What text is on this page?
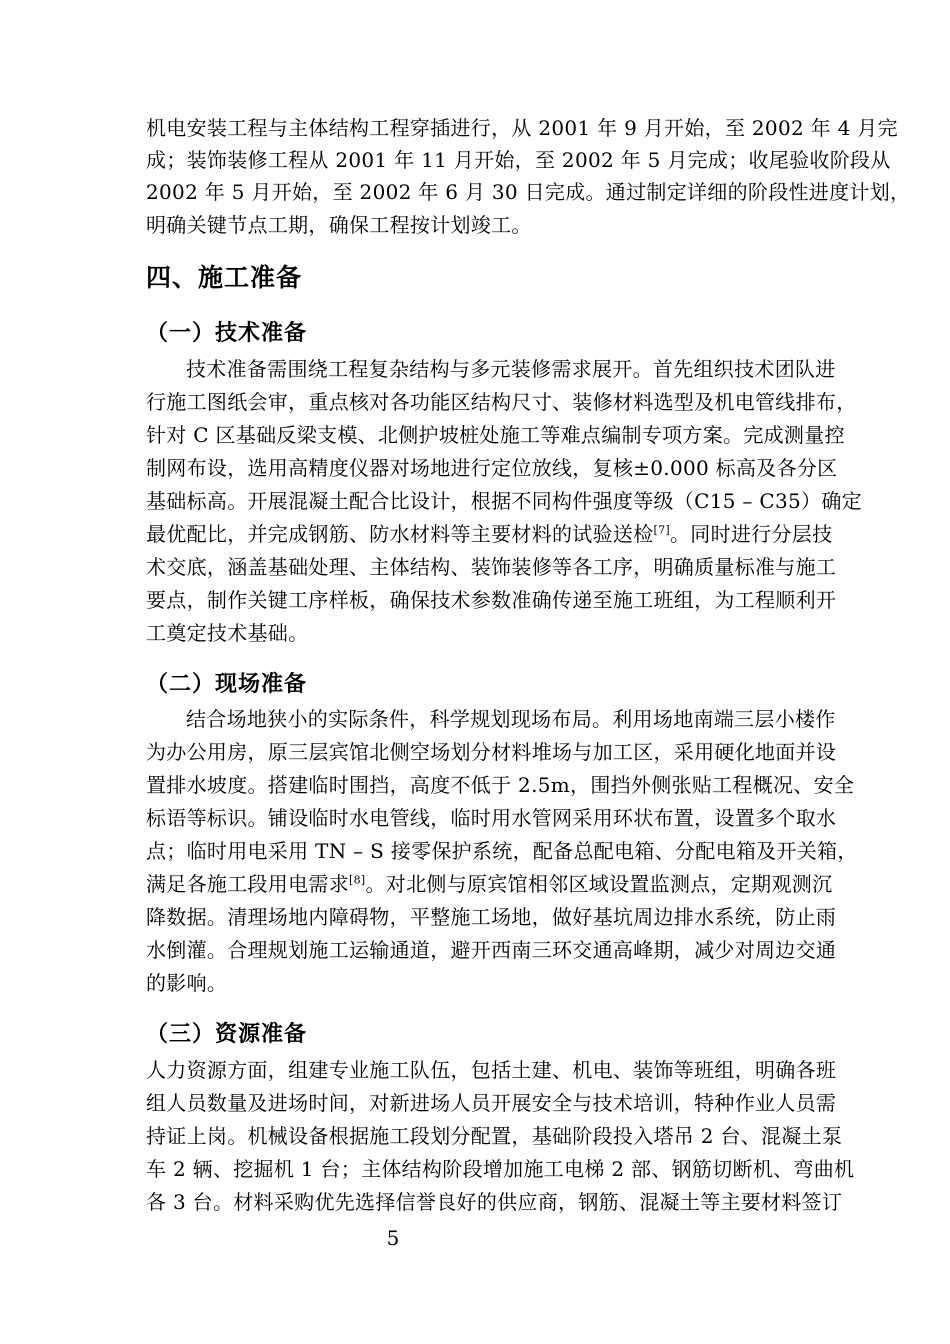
机电安装工程与主体结构工程穿插进行，从 2001 年 9 月开始，至 2002 年 4 月完
成；装饰装修工程从 2001 年 11 月开始，至 2002 年 5 月完成；收尾验收阶段从
2002 年 5 月开始，至 2002 年 6 月 30 日完成。通过制定详细的阶段性进度计划，
明确关键节点工期，确保工程按计划竣工。
四、施工准备
（一）技术准备
技术准备需围绕工程复杂结构与多元装修需求展开。首先组织技术团队进
行施工图纸会审，重点核对各功能区结构尺寸、装修材料选型及机电管线排布，
针对 C 区基础反梁支模、北侧护坡桩处施工等难点编制专项方案。完成测量控
制网布设，选用高精度仪器对场地进行定位放线，复核±0.000 标高及各分区
基础标高。开展混凝土配合比设计，根据不同构件强度等级（C15 – C35）确定
最优配比，并完成钢筋、防水材料等主要材料的试验送检[7]。同时进行分层技
术交底，涵盖基础处理、主体结构、装饰装修等各工序，明确质量标准与施工
要点，制作关键工序样板，确保技术参数准确传递至施工班组，为工程顺利开
工奠定技术基础。
（二）现场准备
结合场地狭小的实际条件，科学规划现场布局。利用场地南端三层小楼作
为办公用房，原三层宾馆北侧空场划分材料堆场与加工区，采用硬化地面并设
置排水坡度。搭建临时围挡，高度不低于 2.5m，围挡外侧张贴工程概况、安全
标语等标识。铺设临时水电管线，临时用水管网采用环状布置，设置多个取水
点；临时用电采用 TN – S 接零保护系统，配备总配电箱、分配电箱及开关箱，
满足各施工段用电需求[8]。对北侧与原宾馆相邻区域设置监测点，定期观测沉
降数据。清理场地内障碍物，平整施工场地，做好基坑周边排水系统，防止雨
水倒灌。合理规划施工运输通道，避开西南三环交通高峰期，减少对周边交通
的影响。
（三）资源准备
人力资源方面，组建专业施工队伍，包括土建、机电、装饰等班组，明确各班
组人员数量及进场时间，对新进场人员开展安全与技术培训，特种作业人员需
持证上岗。机械设备根据施工段划分配置，基础阶段投入塔吊 2 台、混凝土泵
车 2 辆、挖掘机 1 台；主体结构阶段增加施工电梯 2 部、钢筋切断机、弯曲机
各 3 台。材料采购优先选择信誉良好的供应商，钢筋、混凝土等主要材料签订
5
